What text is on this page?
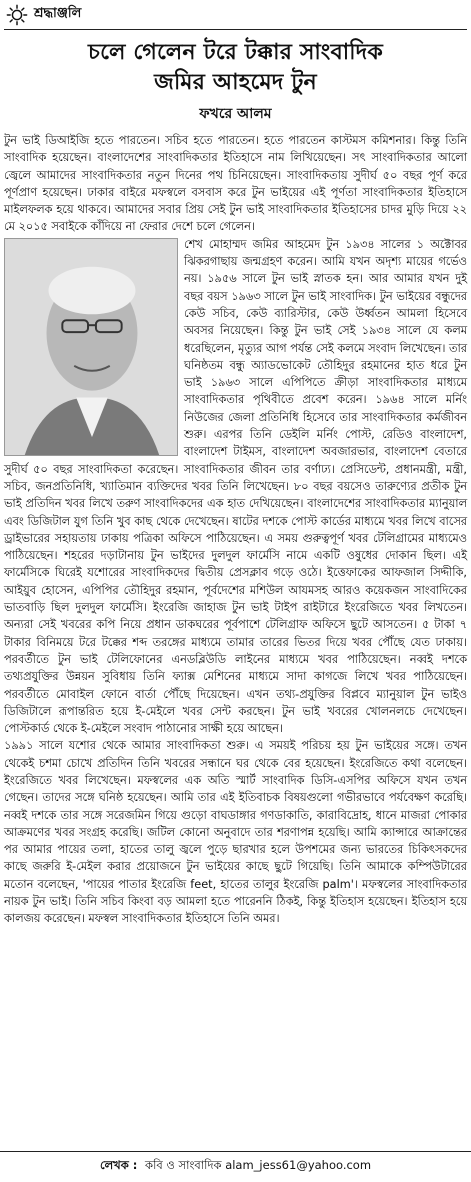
শ্রদ্ধাঞ্জলি
চলে গেলেন টরে টক্কার সাংবাদিক
জমির আহমেদ টুন
ফখরে আলম

টুন ভাই ডিআইজি হতে পারতেন। সচিব হতে পারতেন। হতে পারতেন কাস্টমস কমিশনার। কিন্তু তিনি সাংবাদিক হয়েছেন। বাংলাদেশের সাংবাদিকতার ইতিহাসে নাম লিখিয়েছেন। সৎ সাংবাদিকতার আলো জ্বেলে আমাদের সাংবাদিকতার নতুন দিনের পথ চিনিয়েছেন। সাংবাদিকতায় সুদীর্ঘ ৫০ বছর পূর্ণ করে পূর্ণপ্রাণ হয়েছেন। ঢাকার বাইরে মফস্বলে বসবাস করে টুন ভাইয়ের এই পূর্ণতা সাংবাদিকতার ইতিহাসে মাইলফলক হয়ে থাকবে। আমাদের সবার প্রিয় সেই টুন ভাই সাংবাদিকতার ইতিহাসের চাদর মুড়ি দিয়ে ২২ মে ২০১৫ সবাইকে কাঁদিয়ে না ফেরার দেশে চলে গেলেন।

শেখ মোহাম্মদ জমির আহমেদ টুন ১৯৩৪ সালের ১ অক্টোবর ঝিকরগাছায় জন্মগ্রহণ করেন। আমি যখন অদৃশ্য মায়ের গর্ভেও নয়। ১৯৫৬ সালে টুন ভাই স্নাতক হন। আর আমার যখন দুই বছর বয়স ১৯৬৩ সালে টুন ভাই সাংবাদিক। টুন ভাইয়ের বন্ধুদের কেউ সচিব, কেউ ব্যারিস্টার, কেউ উর্ধ্বতন আমলা হিসেবে অবসর নিয়েছেন। কিন্তু টুন ভাই সেই ১৯৩৪ সালে যে কলম ধরেছিলেন, মৃত্যুর আগ পর্যন্ত সেই কলমে সংবাদ লিখেছেন। তার ঘনিষ্ঠতম বন্ধু অ্যাডভোকেট তৌহিদুর রহমানের হাত ধরে টুন ভাই ১৯৬৩ সালে এপিপিতে ক্রীড়া সাংবাদিকতার মাধ্যমে সাংবাদিকতার পৃথিবীতে প্রবেশ করেন। ১৯৬৪ সালে মর্নিং নিউজের জেলা প্রতিনিধি হিসেবে তার সাংবাদিকতার কর্মজীবন শুরু। এরপর তিনি ডেইলি মর্নিং পোস্ট, রেডিও বাংলাদেশ, বাংলাদেশ টাইমস, বাংলাদেশ অবজারভার, বাংলাদেশ বেতারে সুদীর্ঘ ৫০ বছর সাংবাদিকতা করেছেন। সাংবাদিকতার জীবন তার বর্ণাঢ্য। প্রেসিডেন্ট, প্রধানমন্ত্রী, মন্ত্রী, সচিব, জনপ্রতিনিধি, খ্যাতিমান ব্যক্তিদের খবর তিনি লিখেছেন। ৮০ বছর বয়সেও তারুণ্যের প্রতীক টুন ভাই প্রতিদিন খবর লিখে তরুণ সাংবাদিকদের এক হাত দেখিয়েছেন। বাংলাদেশের সাংবাদিকতার ম্যানুয়াল এবং ডিজিটাল যুগ তিনি খুব কাছ থেকে দেখেছেন। ষাটের দশকে পোস্ট কার্ডের মাধ্যমে খবর লিখে বাসের ড্রাইভারের সহায়তায় ঢাকায় পত্রিকা অফিসে পাঠিয়েছেন। এ সময় গুরুত্বপূর্ণ খবর টেলিগ্রামের মাধ্যমেও পাঠিয়েছেন। শহরের দড়াটানায় টুন ভাইদের দুলদুল ফার্মেসি নামে একটি ওষুধের দোকান ছিল। এই ফার্মেসিকে ঘিরেই যশোরের সাংবাদিকদের দ্বিতীয় প্রেসক্লাব গড়ে ওঠে। ইত্তেফাকের আফজাল সিদ্দীকি, আইয়ুব হোসেন, এপিপির তৌহিদুর রহমান, পূর্বদেশের মশিউল আযমসহ আরও কয়েকজন সাংবাদিকের ভাতবাড়ি ছিল দুলদুল ফার্মেসি। ইংরেজি জাহাজ টুন ভাই টাইপ রাইটারে ইংরেজিতে খবর লিখতেন। অন্যরা সেই খবরের কপি নিয়ে প্রধান ডাকঘরের পূর্বপাশে টেলিগ্রাফ অফিসে ছুটে আসতেন। ৫ টাকা ৭ টাকার বিনিময়ে টরে টক্কের শব্দ তরঙ্গের মাধ্যমে তামার তারের ভিতর দিয়ে খবর পৌঁছে যেত ঢাকায়। পরবর্তীতে টুন ভাই টেলিফোনের এনডব্লিউডি লাইনের মাধ্যমে খবর পাঠিয়েছেন। নব্বই দশকে তথ্যপ্রযুক্তির উন্নয়ন সুবিধায় তিনি ফ্যাক্স মেশিনের মাধ্যমে সাদা কাগজে লিখে খবর পাঠিয়েছেন। পরবর্তীতে মোবাইল ফোনে বার্তা পৌঁছে দিয়েছেন। এখন তথ্য-প্রযুক্তির বিপ্লবে ম্যানুয়াল টুন ভাইও ডিজিটালে রূপান্তরিত হয়ে ই-মেইলে খবর সেন্ট করছেন। টুন ভাই খবরের খোলনলচে দেখেছেন। পোস্টকার্ড থেকে ই-মেইলে সংবাদ পাঠানোর সাক্ষী হয়ে আছেন।

১৯৯১ সালে যশোর থেকে আমার সাংবাদিকতা শুরু। এ সময়ই পরিচয় হয় টুন ভাইয়ের সঙ্গে। তখন থেকেই চশমা চোখে প্রতিদিন তিনি খবরের সন্ধানে ঘর থেকে বের হয়েছেন। ইংরেজিতে কথা বলেছেন। ইংরেজিতে খবর লিখেছেন। মফস্বলের এক অতি স্মার্ট সাংবাদিক ডিসি-এসপির অফিসে যখন তখন গেছেন। তাদের সঙ্গে ঘনিষ্ঠ হয়েছেন। আমি তার এই ইতিবাচক বিষয়গুলো গভীরভাবে পর্যবেক্ষণ করেছি। নব্বই দশকে তার সঙ্গে সরেজমিন গিয়ে গুড়ো বাঘডাঙ্গার গণডাকাতি, কারাবিদ্রোহ, ধানে মাজরা পোকার আক্রমণের খবর সংগ্রহ করেছি। জটিল কোনো অনুবাদে তার শরণাপন্ন হয়েছি। আমি ক্যান্সারে আক্রান্তের পর আমার পায়ের তলা, হাতের তালু জ্বলে পুড়ে ছারখার হলে উপশমের জন্য ভারতের চিকিৎসকদের কাছে জরুরি ই-মেইল করার প্রয়োজনে টুন ভাইয়ের কাছে ছুটে গিয়েছি। তিনি আমাকে কম্পিউটারের মতোন বলেছেন, 'পায়ের পাতার ইংরেজি feet, হাতের তালুর ইংরেজি palm'। মফস্বলের সাংবাদিকতার নায়ক টুন ভাই। তিনি সচিব কিংবা বড় আমলা হতে পারেননি ঠিকই, কিন্তু ইতিহাস হয়েছেন। ইতিহাস হয়ে কালজয় করেছেন। মফস্বল সাংবাদিকতার ইতিহাসে তিনি অমর।

লেখক : কবি ও সাংবাদিক alam_jess61@yahoo.com
